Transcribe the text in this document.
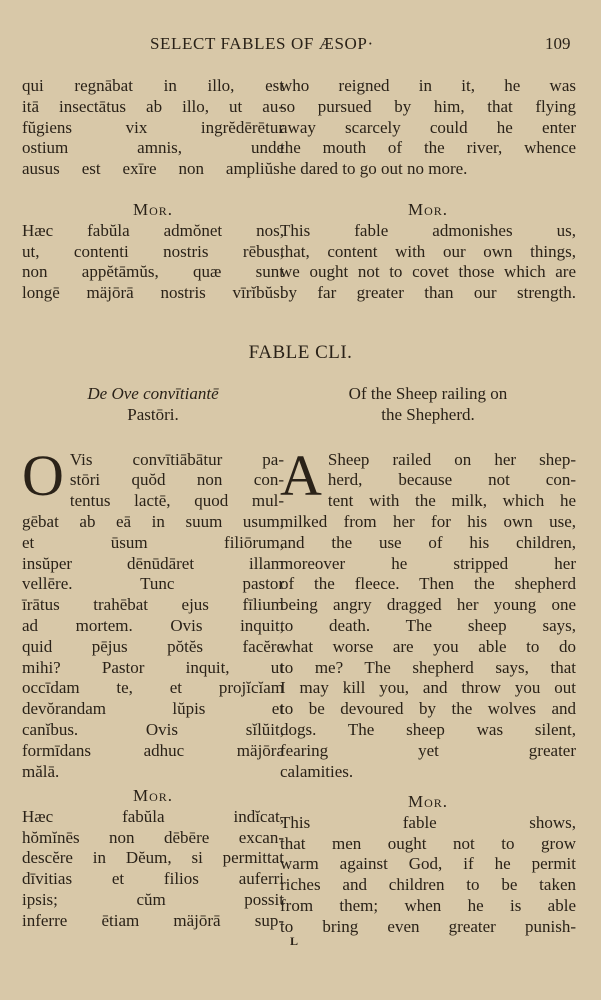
SELECT FABLES OF ÆSOP·	109

qui regnābat in illo, est

itā insectātus ab illo, ut au-

fŭgiens vix ingrĕdērētur

ostium amnis, unde

ausus est exīre non ampliŭs.

Mor.

Hæc fabŭla admŏnet nos,

ut, contenti nostris rēbus,

non appĕtāmŭs, quæ sunt

longē mäjōrā nostris vīrĭbŭs.

who reigned in it, he was

so pursued by him, that flying

away scarcely could he enter

the mouth of the river, whence

he dared to go out no more.

Mor.

This fable admonishes us,

that, content with our own things,

we ought not to covet those which are

by far greater than our strength.

FABLE CLI.

De Ove convītiantē

Pastōri.

O Vis convītiābātur pa-

stōri quŏd non con-

tentus lactē, quod mul-

gēbat ab eā in suum usum,

et ūsum filiōrum,

insŭper dēnūdāret illam

vellēre. Tunc pastor

īrātus trahēbat ejus fīlium

ad mortem. Ovis inquit,

quid pējus pŏtĕs facĕre

mihi? Pastor inquit, ut

occīdam te, et projĭcĭam

devŏrandam lŭpis et

canĭbus. Ovis sĭlŭit,

formīdans adhuc mäjōra

mălā.

Of the Sheep railing on

the Shepherd.

A Sheep railed on her shep-

herd, because not con-

tent with the milk, which he

milked from her for his own use,

and the use of his children,

moreover he stripped her

of the fleece. Then the shepherd

being angry dragged her young one

to death. The sheep says,

what worse are you able to do

to me? The shepherd says, that

I may kill you, and throw you out

to be devoured by the wolves and

dogs. The sheep was silent,

fearing yet greater

calamities.

Mor.

Hæc fabŭla indĭcat,

hŏmĭnēs non dēbēre excan-

descĕre in Dĕum, si permittat

dīvitias et filios auferri

ipsis; cŭm possit

inferre ētiam mäjōrā sup-

Mor.

This fable shows,

that men ought not to grow

warm against God, if he permit

riches and children to be taken

from them; when he is able

to bring even greater punish-

L
